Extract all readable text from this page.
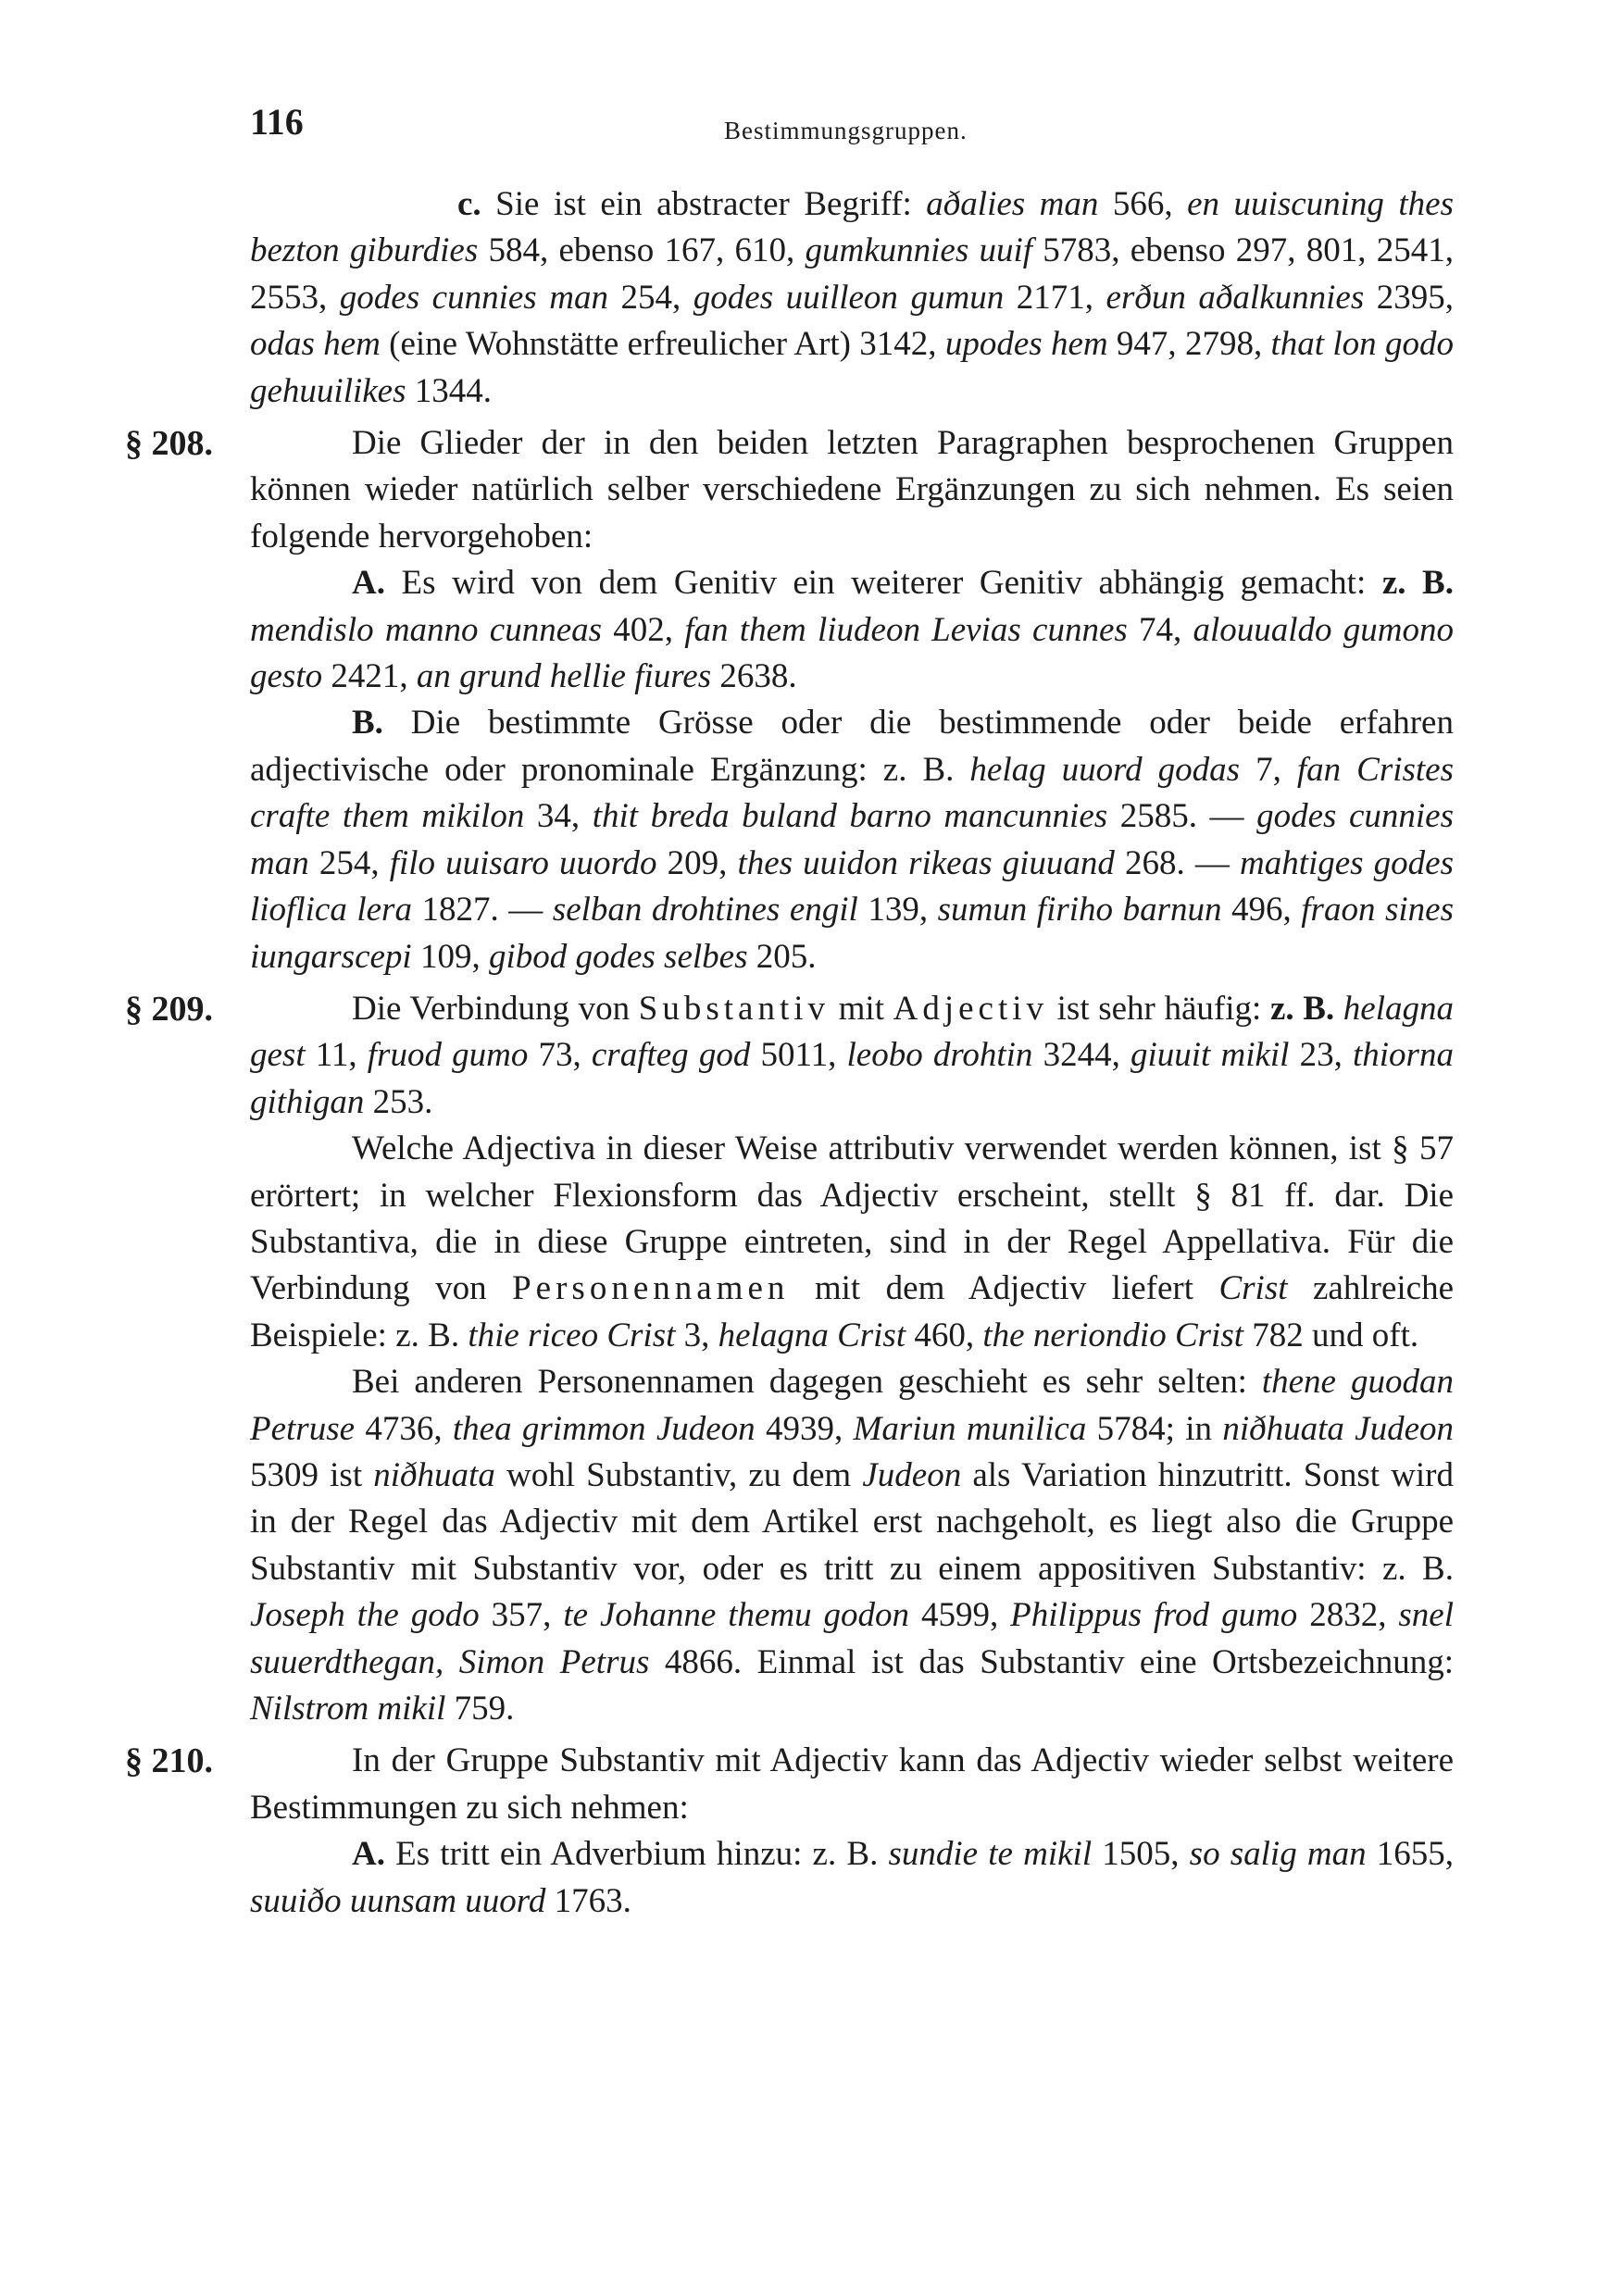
116	Bestimmungsgruppen.

c. Sie ist ein abstracter Begriff: aðalies man 566, en uuiscuning thes bezton giburdies 584, ebenso 167, 610, gumkunnies uuif 5783, ebenso 297, 801, 2541, 2553, godes cunnies man 254, godes uuilleon gumun 2171, erðun aðalkunnies 2395, odas hem (eine Wohnstätte erfreulicher Art) 3142, upodes hem 947, 2798, that lon godo gehuuilikes 1344.

§ 208.	Die Glieder der in den beiden letzten Paragraphen besprochenen Gruppen können wieder natürlich selber verschiedene Ergänzungen zu sich nehmen. Es seien folgende hervorgehoben:

A. Es wird von dem Genitiv ein weiterer Genitiv abhängig gemacht: z. B. mendislo manno cunneas 402, fan them liudeon Levias cunnes 74, alouualdo gumono gesto 2421, an grund hellie fiures 2638.

B. Die bestimmte Grösse oder die bestimmende oder beide erfahren adjectivische oder pronominale Ergänzung: z. B. helag uuord godas 7, fan Cristes crafte them mikilon 34, thit breda buland barno mancunnies 2585. — godes cunnies man 254, filo uuisaro uuordo 209, thes uuidon rikeas giuuand 268. — mahtiges godes lioflica lera 1827. — selban drohtines engil 139, sumun firiho barnun 496, fraon sines iungarscepi 109, gibod godes selbes 205.

§ 209.	Die Verbindung von Substantiv mit Adjectiv ist sehr häufig: z. B. helagna gest 11, fruod gumo 73, crafteg god 5011, leobo drohtin 3244, giuuit mikil 23, thiorna githigan 253.

Welche Adjectiva in dieser Weise attributiv verwendet werden können, ist § 57 erörtert; in welcher Flexionsform das Adjectiv erscheint, stellt § 81 ff. dar. Die Substantiva, die in diese Gruppe eintreten, sind in der Regel Appellativa. Für die Verbindung von Personennamen mit dem Adjectiv liefert Crist zahlreiche Beispiele: z. B. thie riceo Crist 3, helagna Crist 460, the neriondio Crist 782 und oft.

Bei anderen Personennamen dagegen geschieht es sehr selten: thene guodan Petruse 4736, thea grimmon Judeon 4939, Mariun munilica 5784; in niðhuata Judeon 5309 ist niðhuata wohl Substantiv, zu dem Judeon als Variation hinzutritt. Sonst wird in der Regel das Adjectiv mit dem Artikel erst nachgeholt, es liegt also die Gruppe Substantiv mit Substantiv vor, oder es tritt zu einem appositiven Substantiv: z. B. Joseph the godo 357, te Johanne themu godon 4599, Philippus frod gumo 2832, snel suuerdthegan, Simon Petrus 4866. Einmal ist das Substantiv eine Ortsbezeichnung: Nilstrom mikil 759.

§ 210.	In der Gruppe Substantiv mit Adjectiv kann das Adjectiv wieder selbst weitere Bestimmungen zu sich nehmen:

A. Es tritt ein Adverbium hinzu: z. B. sundie te mikil 1505, so salig man 1655, suuiðo uunsam uuord 1763.
